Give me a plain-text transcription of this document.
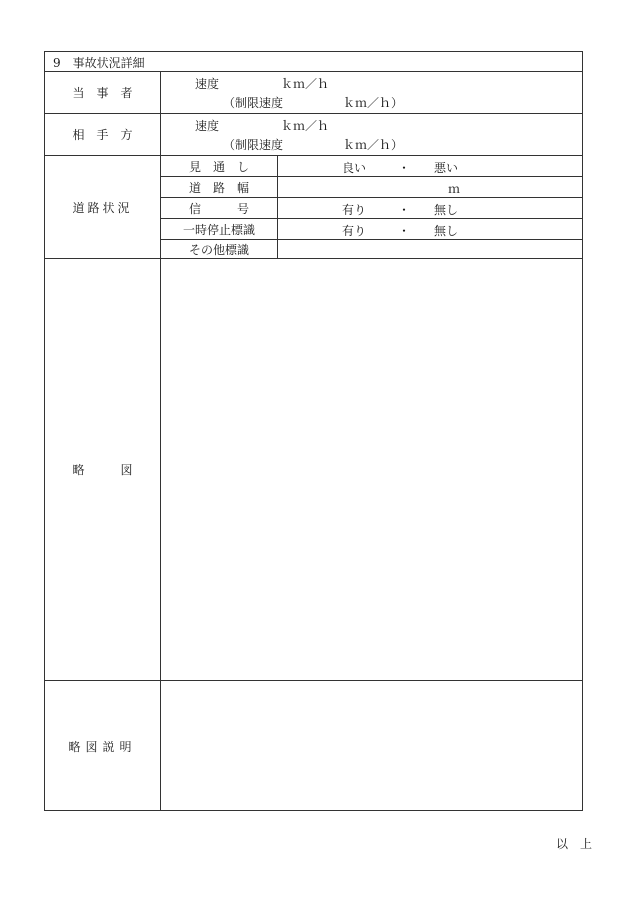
9 事故状況詳細
当　事　者
速度	ｋｍ／ｈ
（制限速度	ｋｍ／ｈ）
相　手　方
速度	ｋｍ／ｈ
（制限速度	ｋｍ／ｈ）
道路状況
見　通　し	良い	・ 悪い
道　路　幅	ｍ
信　　　号	有り	・ 無し
一時停止標識	有り	・ 無し
その他標識
略　　　図
略図説明
以　上
